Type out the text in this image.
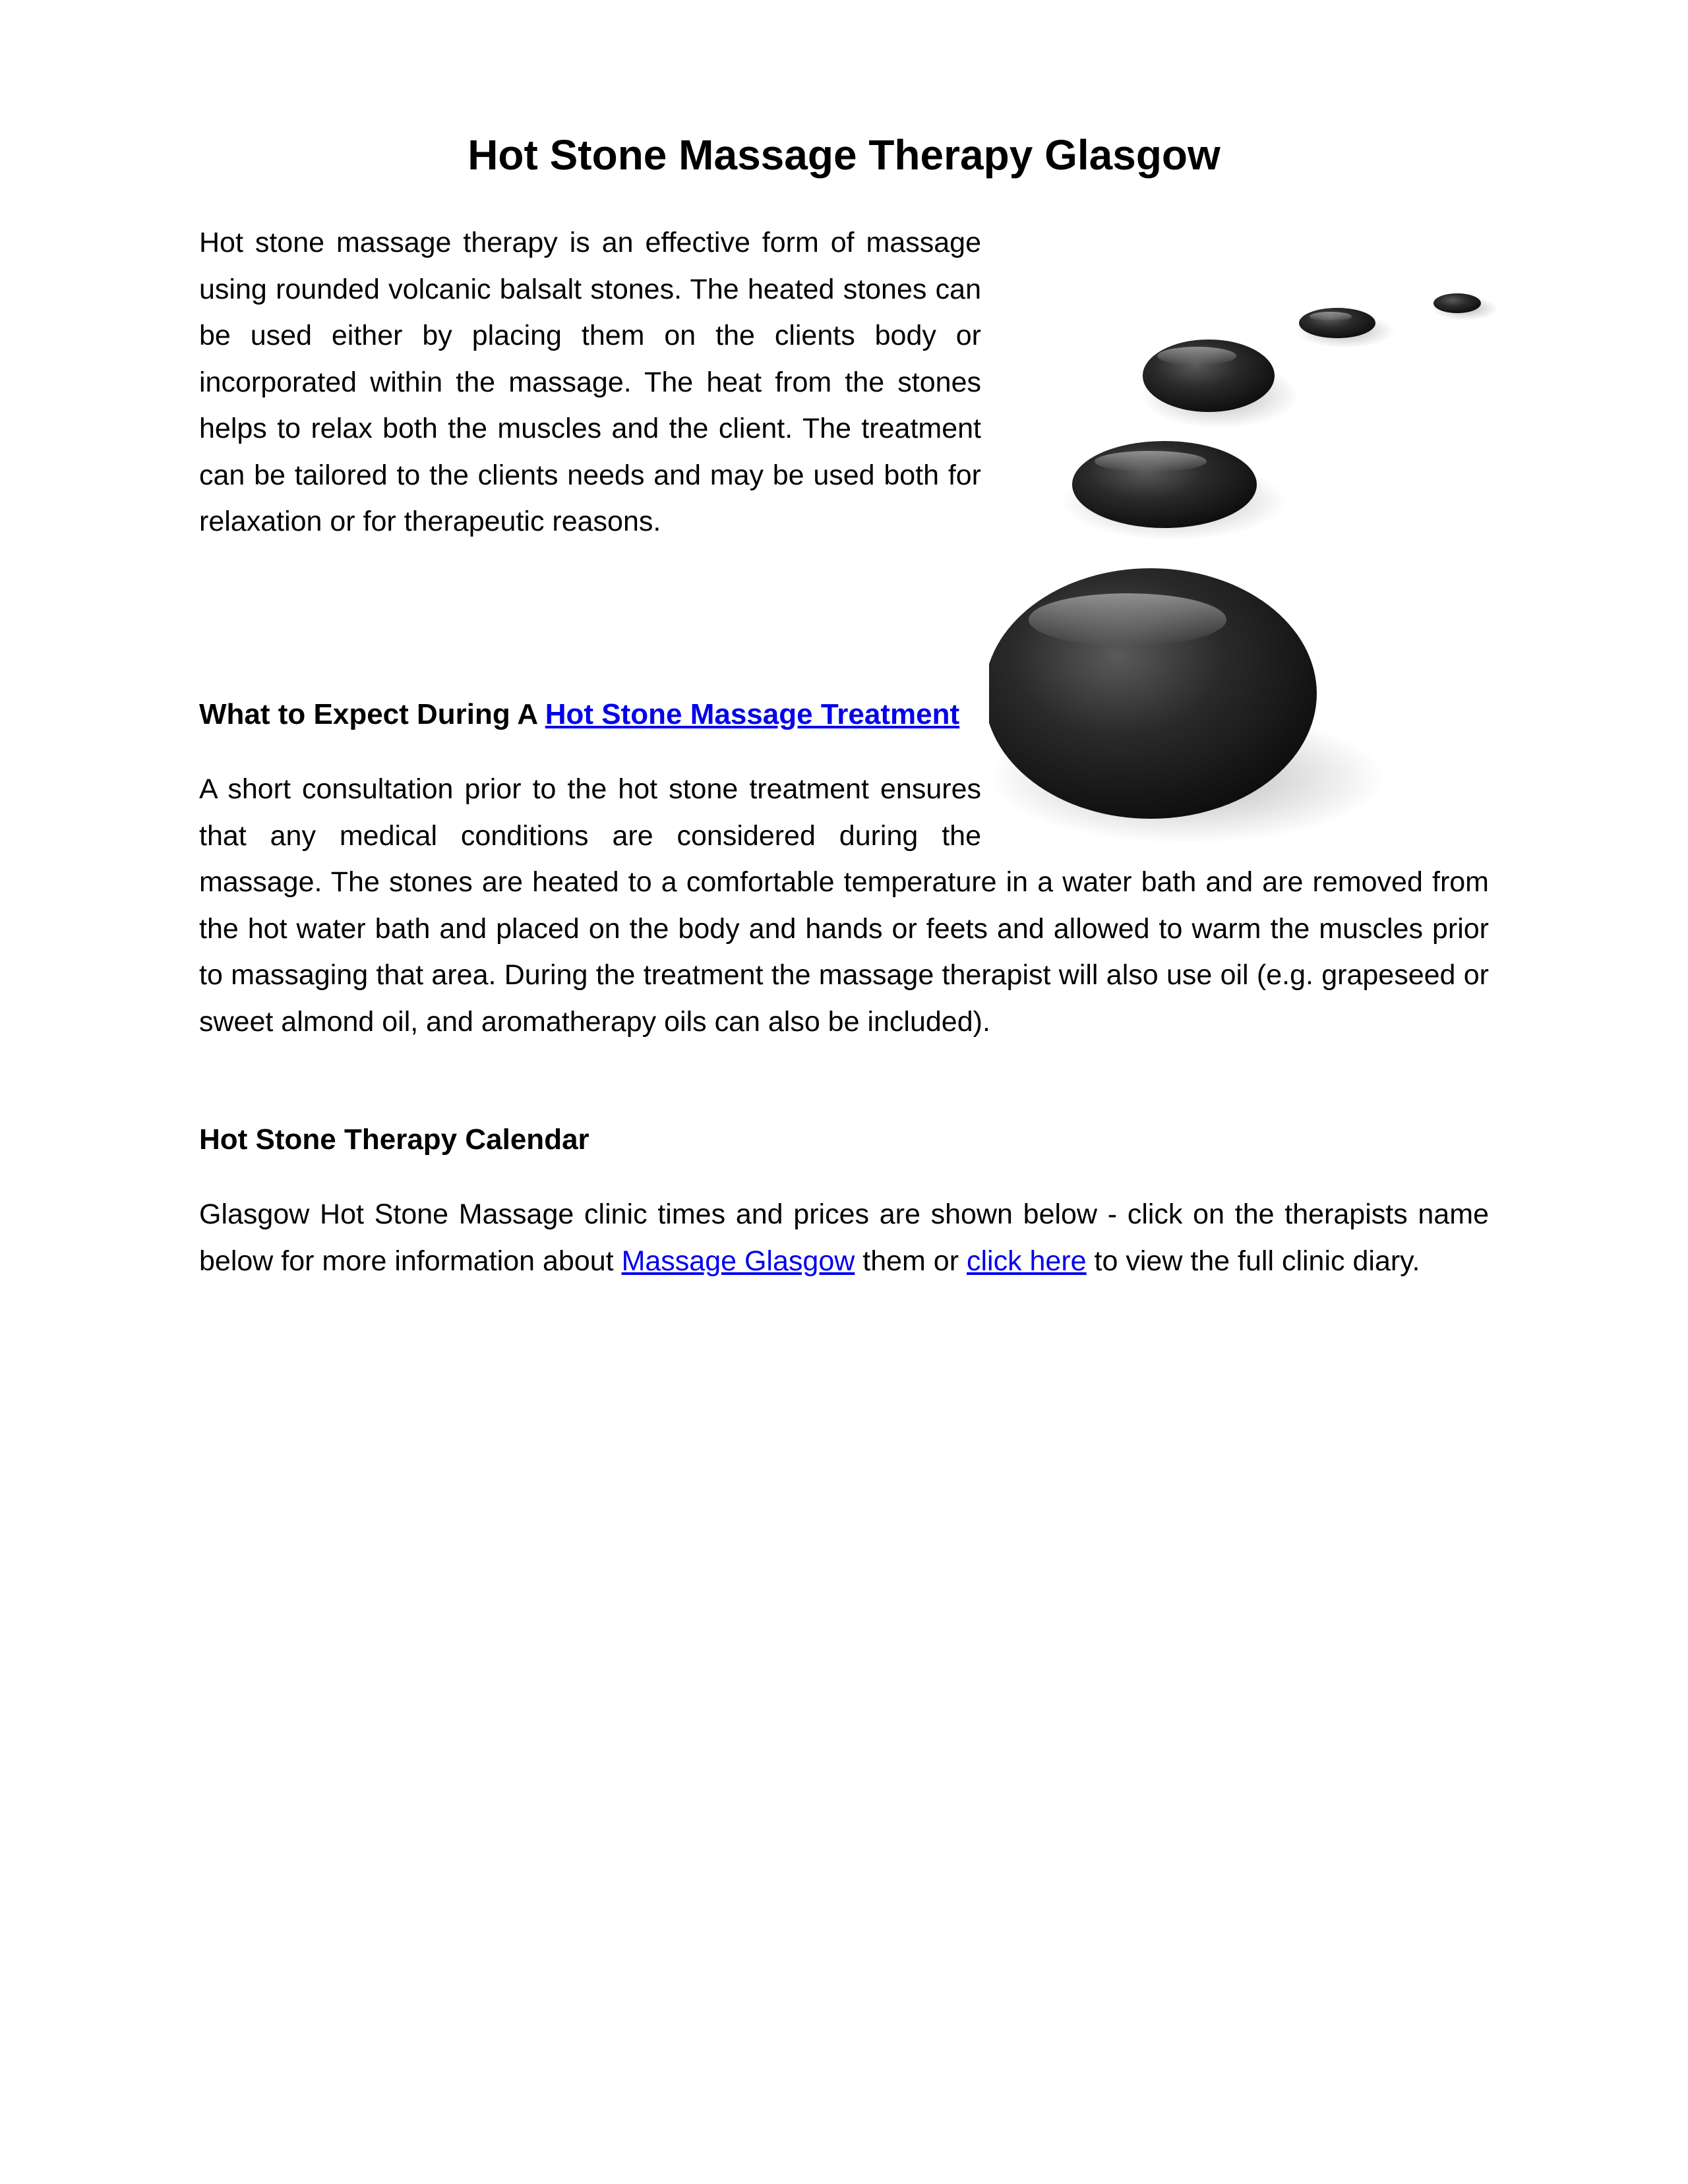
Hot Stone Massage Therapy Glasgow

Hot stone massage therapy is an effective form of massage using rounded volcanic balsalt stones. The heated stones can be used either by placing them on the clients body or incorporated within the massage. The heat from the stones helps to relax both the muscles and the client. The treatment can be tailored to the clients needs and may be used both for relaxation or for therapeutic reasons.

What to Expect During A Hot Stone Massage Treatment

A short consultation prior to the hot stone treatment ensures that any medical conditions are considered during the massage. The stones are heated to a comfortable temperature in a water bath and are removed from the hot water bath and placed on the body and hands or feets and allowed to warm the muscles prior to massaging that area. During the treatment the massage therapist will also use oil (e.g. grapeseed or sweet almond oil, and aromatherapy oils can also be included).

Hot Stone Therapy Calendar

Glasgow Hot Stone Massage clinic times and prices are shown below - click on the therapists name below for more information about Massage Glasgow them or click here to view the full clinic diary.
